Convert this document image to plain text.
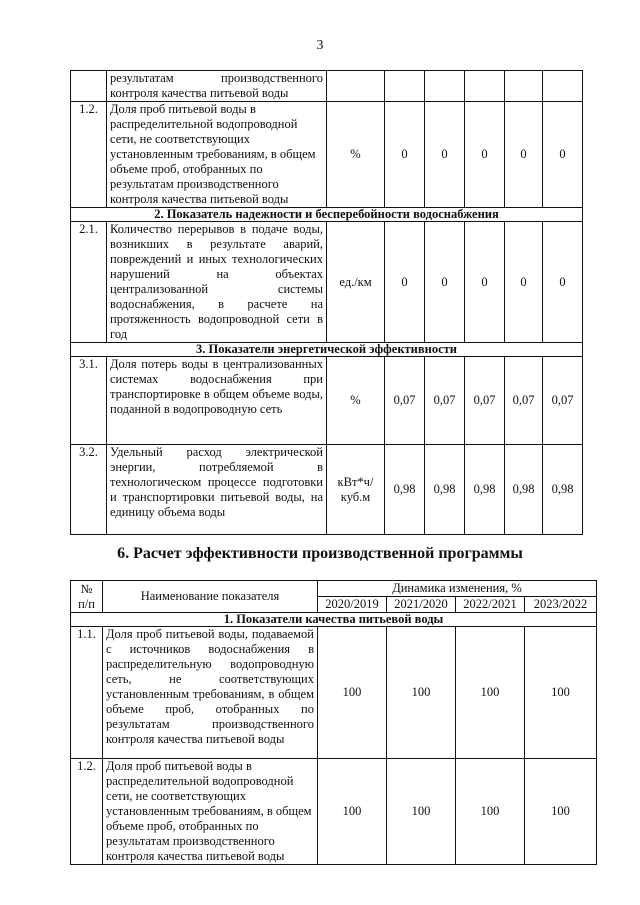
3
	результатам производственного контроля качества питьевой воды						
1.2.	Доля проб питьевой воды в распределительной водопроводной сети, не соответствующих установленным требованиям, в общем объеме проб, отобранных по результатам производственного контроля качества питьевой воды	%	0	0	0	0	0
2. Показатель надежности и бесперебойности водоснабжения							
2.1.	Количество перерывов в подаче воды, возникших в результате аварий, повреждений и иных технологических нарушений на объектах централизованной системы водоснабжения, в расчете на протяженность водопроводной сети в год	ед./км	0	0	0	0	0
3. Показатели энергетической эффективности							
3.1.	Доля потерь воды в централизованных системах водоснабжения при транспортировке в общем объеме воды, поданной в водопроводную сеть	%	0,07	0,07	0,07	0,07	0,07
3.2.	Удельный расход электрической энергии, потребляемой в технологическом процессе подготовки и транспортировки питьевой воды, на единицу объема воды	кВт*ч/ куб.м	0,98	0,98	0,98	0,98	0,98
6. Расчет эффективности производственной программы
№ п/п	Наименование показателя	Динамика изменения, %			
		2020/2019	2021/2020	2022/2021	2023/2022
1. Показатели качества питьевой воды					
1.1.	Доля проб питьевой воды, подаваемой с источников водоснабжения в распределительную водопроводную сеть, не соответствующих установленным требованиям, в общем объеме проб, отобранных по результатам производственного контроля качества питьевой воды	100	100	100	100
1.2.	Доля проб питьевой воды в распределительной водопроводной сети, не соответствующих установленным требованиям, в общем объеме проб, отобранных по результатам производственного контроля качества питьевой воды	100	100	100	100
